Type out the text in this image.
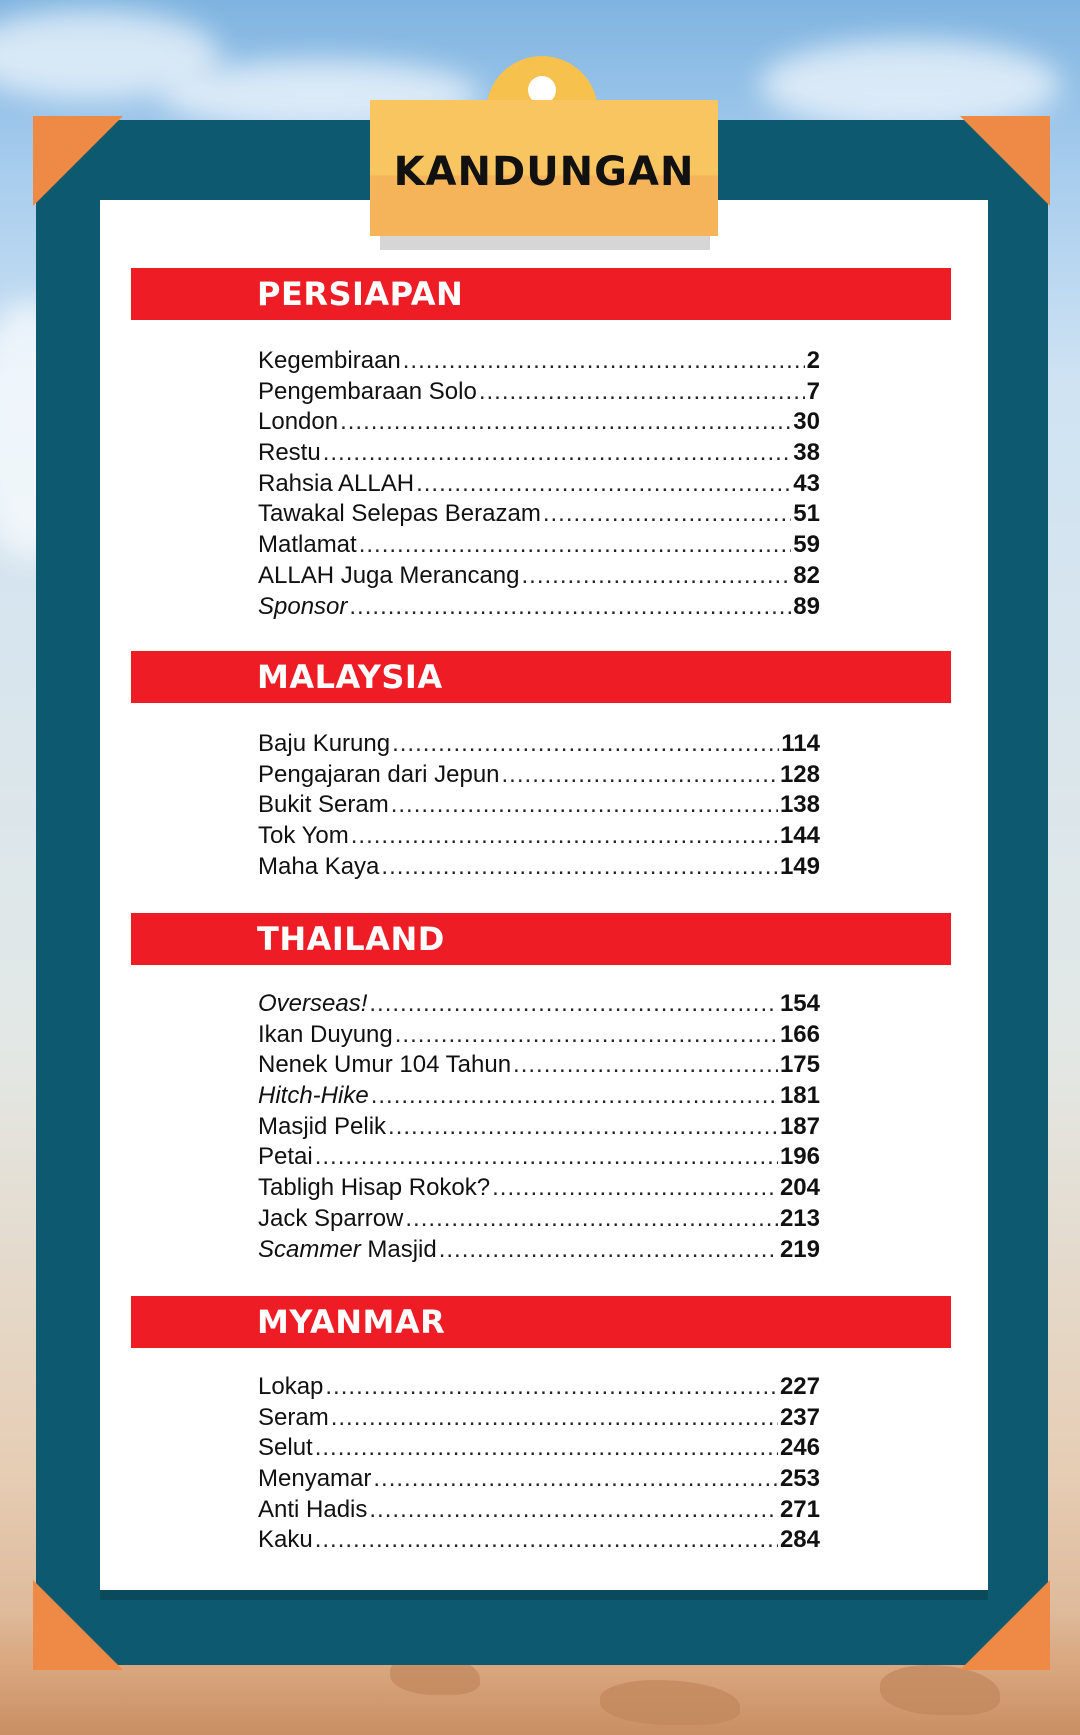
KANDUNGAN
PERSIAPAN
Kegembiraan .....	2
Pengembaraan Solo .....	7
London .....	30
Restu .....	38
Rahsia ALLAH .....	43
Tawakal Selepas Berazam .....	51
Matlamat .....	59
ALLAH Juga Merancang .....	82
Sponsor .....	89
MALAYSIA
Baju Kurung .....	114
Pengajaran dari Jepun .....	128
Bukit Seram .....	138
Tok Yom .....	144
Maha Kaya .....	149
THAILAND
Overseas! .....	154
Ikan Duyung .....	166
Nenek Umur 104 Tahun .....	175
Hitch-Hike .....	181
Masjid Pelik .....	187
Petai .....	196
Tabligh Hisap Rokok? .....	204
Jack Sparrow .....	213
Scammer Masjid .....	219
MYANMAR
Lokap .....	227
Seram .....	237
Selut .....	246
Menyamar .....	253
Anti Hadis .....	271
Kaku .....	284
